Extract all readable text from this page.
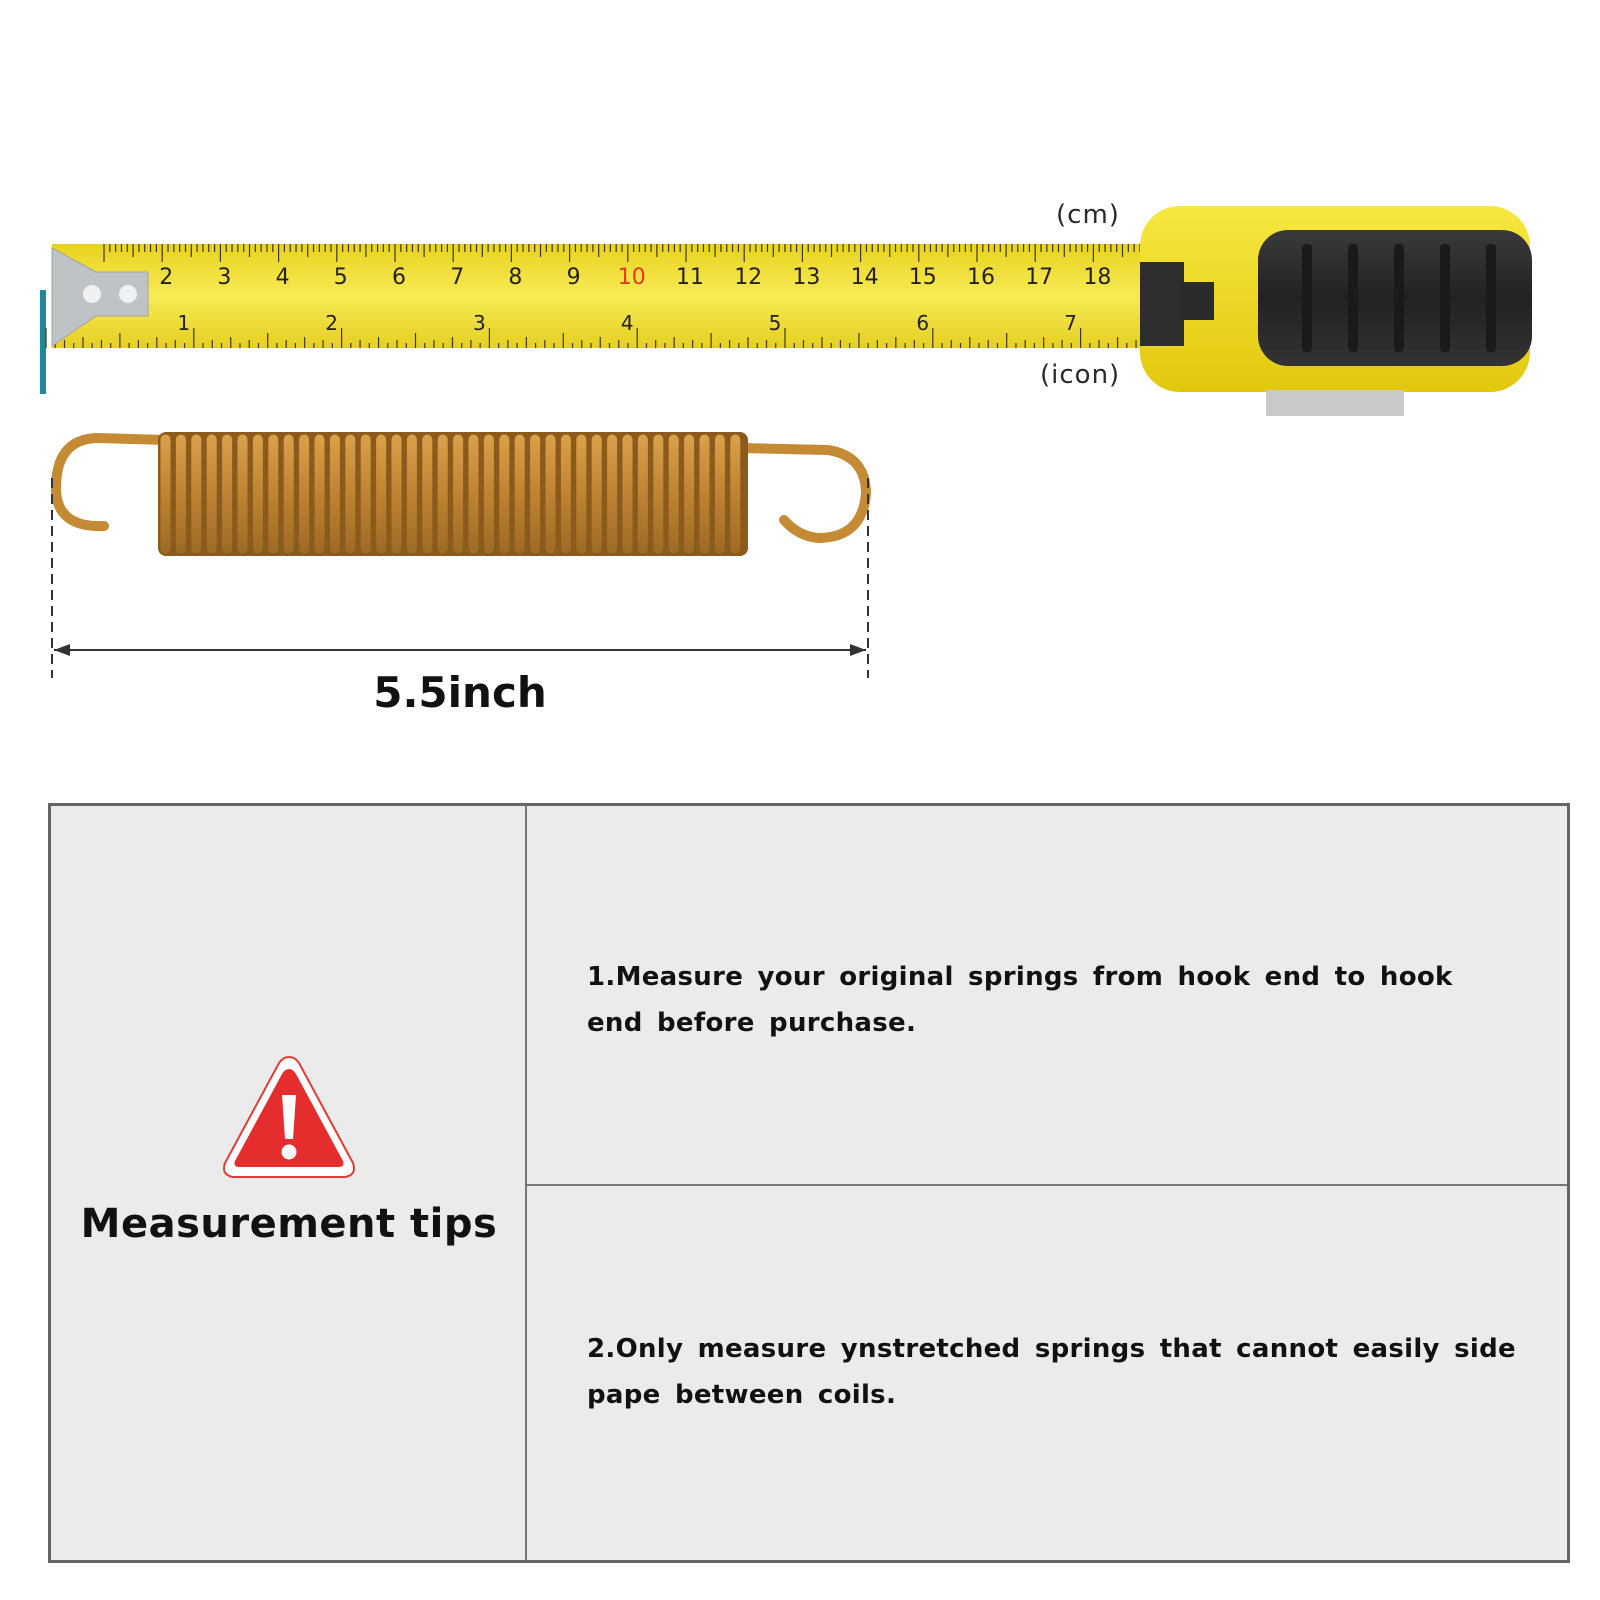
2 3 4 5 6 7 8 9 10 11 12 13 14 15 16 17 18
1	2	3	4	5	6	7
(cm)
(icon)
5.5inch
Measurement tips
1.Measure your original springs from hook end to hook end before purchase.
2.Only measure ynstretched springs that cannot easily side pape between coils.
